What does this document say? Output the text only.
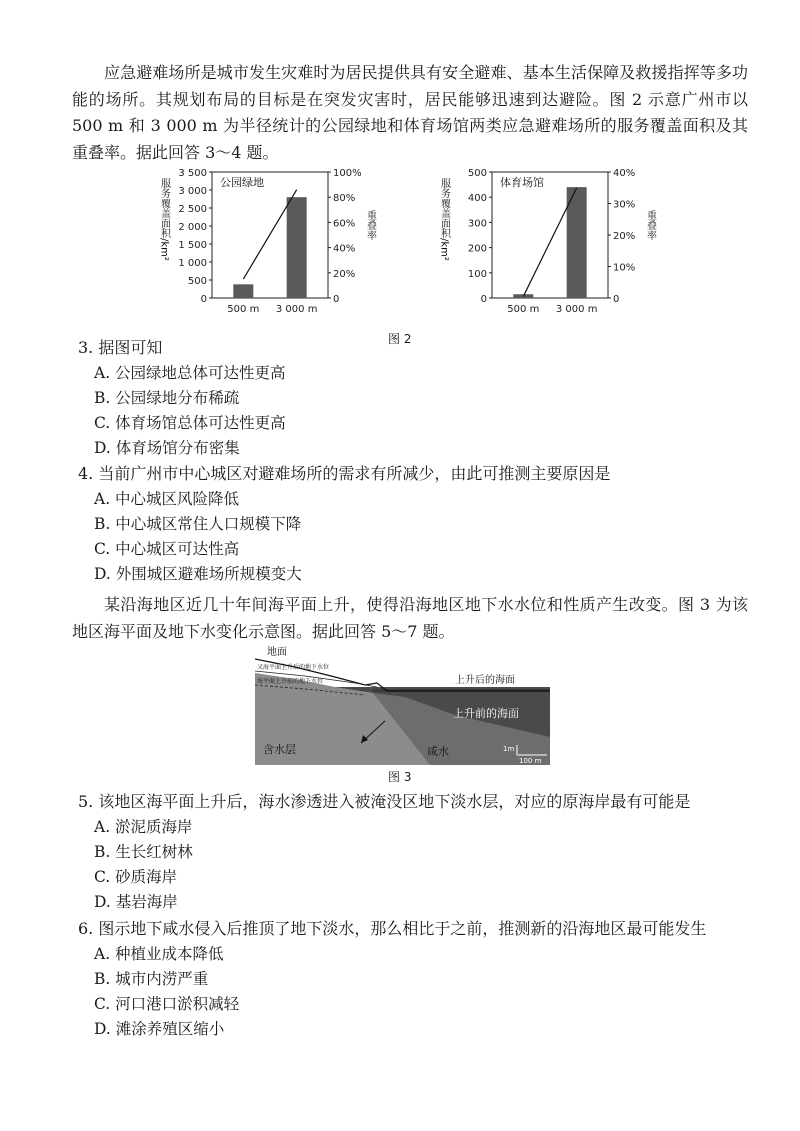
应急避难场所是城市发生灾难时为居民提供具有安全避难、基本生活保障及救援指挥等多功能的场所。其规划布局的目标是在突发灾害时，居民能够迅速到达避险。图 2 示意广州市以 500 m 和 3 000 m 为半径统计的公园绿地和体育场馆两类应急避难场所的服务覆盖面积及其重叠率。据此回答 3～4 题。

0
500
1 000
1 500
2 000
2 500
3 000
3 500
0
20%
40%
60%
80%
100%
500 m 3 000 m
公园绿地
服务覆盖面积/km²	重叠率
0
100
200
300
400
500
0
10%
20%
30%
40%
500 m 3 000 m
体育场馆
服务覆盖面积/km²	重叠率
图 2

3. 据图可知

A. 公园绿地总体可达性更高

B. 公园绿地分布稀疏

C. 体育场馆总体可达性更高

D. 体育场馆分布密集

4. 当前广州市中心城区对避难场所的需求有所减少，由此可推测主要原因是

A. 中心城区风险降低

B. 中心城区常住人口规模下降

C. 中心城区可达性高

D. 外围城区避难场所规模变大

某沿海地区近几十年间海平面上升，使得沿海地区地下水水位和性质产生改变。图 3 为该地区海平面及地下水变化示意图。据此回答 5～7 题。

地面
又海平面上升后的地下水位
海平面上升前的地下水位	上升后的海面
上升前的海面
含水层	咸水	1m
100 m
图 3

5. 该地区海平面上升后，海水渗透进入被淹没区地下淡水层，对应的原海岸最有可能是

A. 淤泥质海岸

B. 生长红树林

C. 砂质海岸

D. 基岩海岸

6. 图示地下咸水侵入后推顶了地下淡水，那么相比于之前，推测新的沿海地区最可能发生

A. 种植业成本降低

B. 城市内涝严重

C. 河口港口淤积减轻

D. 滩涂养殖区缩小
